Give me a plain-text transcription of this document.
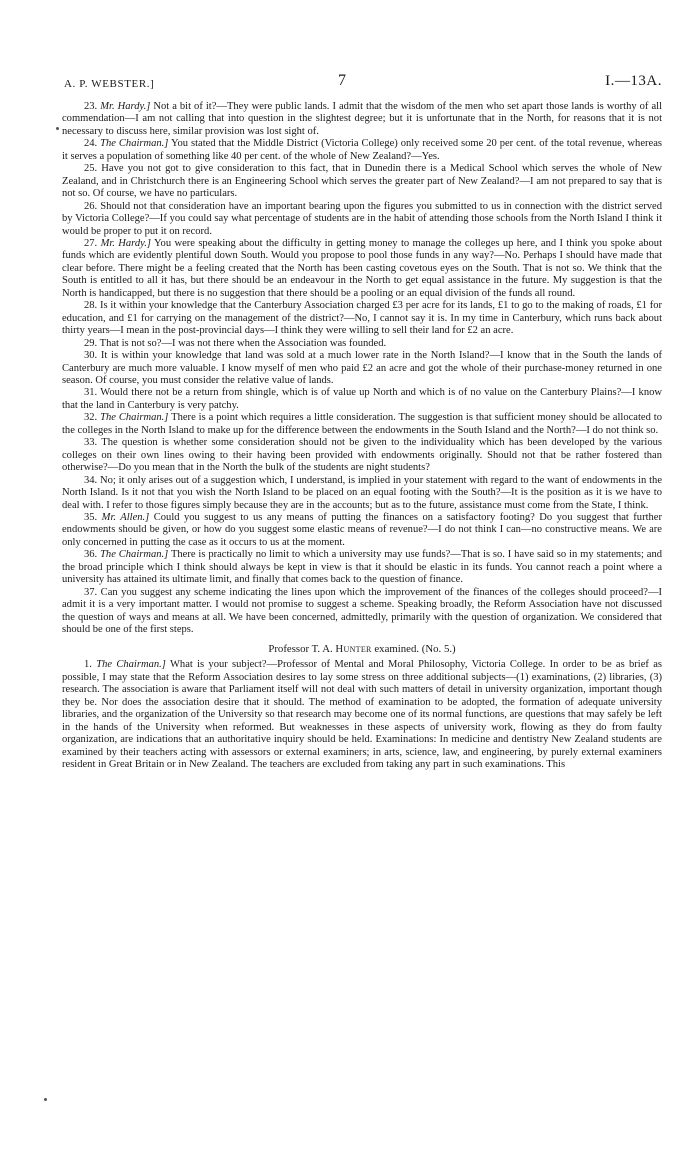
A. P. WEBSTER.]	7	I.—13A.

23. Mr. Hardy.] Not a bit of it?—They were public lands. I admit that the wisdom of the men who set apart those lands is worthy of all commendation—I am not calling that into question in the slightest degree; but it is unfortunate that in the North, for reasons that it is not necessary to discuss here, similar provision was lost sight of.

24. The Chairman.] You stated that the Middle District (Victoria College) only received some 20 per cent. of the total revenue, whereas it serves a population of something like 40 per cent. of the whole of New Zealand?—Yes.

25. Have you not got to give consideration to this fact, that in Dunedin there is a Medical School which serves the whole of New Zealand, and in Christchurch there is an Engineering School which serves the greater part of New Zealand?—I am not prepared to say that is not so. Of course, we have no particulars.

26. Should not that consideration have an important bearing upon the figures you submitted to us in connection with the district served by Victoria College?—If you could say what percentage of students are in the habit of attending those schools from the North Island I think it would be proper to put it on record.

27. Mr. Hardy.] You were speaking about the difficulty in getting money to manage the colleges up here, and I think you spoke about funds which are evidently plentiful down South. Would you propose to pool those funds in any way?—No. Perhaps I should have made that clear before. There might be a feeling created that the North has been casting covetous eyes on the South. That is not so. We think that the South is entitled to all it has, but there should be an endeavour in the North to get equal assistance in the future. My suggestion is that the North is handicapped, but there is no suggestion that there should be a pooling or an equal division of the funds all round.

28. Is it within your knowledge that the Canterbury Association charged £3 per acre for its lands, £1 to go to the making of roads, £1 for education, and £1 for carrying on the management of the district?—No, I cannot say it is. In my time in Canterbury, which runs back about thirty years—I mean in the post-provincial days—I think they were willing to sell their land for £2 an acre.

29. That is not so?—I was not there when the Association was founded.

30. It is within your knowledge that land was sold at a much lower rate in the North Island?—I know that in the South the lands of Canterbury are much more valuable. I know myself of men who paid £2 an acre and got the whole of their purchase-money returned in one season. Of course, you must consider the relative value of lands.

31. Would there not be a return from shingle, which is of value up North and which is of no value on the Canterbury Plains?—I know that the land in Canterbury is very patchy.

32. The Chairman.] There is a point which requires a little consideration. The suggestion is that sufficient money should be allocated to the colleges in the North Island to make up for the difference between the endowments in the South Island and the North?—I do not think so.

33. The question is whether some consideration should not be given to the individuality which has been developed by the various colleges on their own lines owing to their having been provided with endowments originally. Should not that be rather fostered than otherwise?—Do you mean that in the North the bulk of the students are night students?

34. No; it only arises out of a suggestion which, I understand, is implied in your statement with regard to the want of endowments in the North Island. Is it not that you wish the North Island to be placed on an equal footing with the South?—It is the position as it is we have to deal with. I refer to those figures simply because they are in the accounts; but as to the future, assistance must come from the State, I think.

35. Mr. Allen.] Could you suggest to us any means of putting the finances on a satisfactory footing? Do you suggest that further endowments should be given, or how do you suggest some elastic means of revenue?—I do not think I can—no constructive means. We are only concerned in putting the case as it occurs to us at the moment.

36. The Chairman.] There is practically no limit to which a university may use funds?—That is so. I have said so in my statements; and the broad principle which I think should always be kept in view is that it should be elastic in its funds. You cannot reach a point where a university has attained its ultimate limit, and finally that comes back to the question of finance.

37. Can you suggest any scheme indicating the lines upon which the improvement of the finances of the colleges should proceed?—I admit it is a very important matter. I would not promise to suggest a scheme. Speaking broadly, the Reform Association have not discussed the question of ways and means at all. We have been concerned, admittedly, primarily with the question of organization. We considered that should be one of the first steps.

Professor T. A. Hunter examined. (No. 5.)

1. The Chairman.] What is your subject?—Professor of Mental and Moral Philosophy, Victoria College. In order to be as brief as possible, I may state that the Reform Association desires to lay some stress on three additional subjects—(1) examinations, (2) libraries, (3) research. The association is aware that Parliament itself will not deal with such matters of detail in university organization, important though they be. Nor does the association desire that it should. The method of examination to be adopted, the formation of adequate university libraries, and the organization of the University so that research may become one of its normal functions, are questions that may safely be left in the hands of the University when reformed. But weaknesses in these aspects of university work, flowing as they do from faulty organization, are indications that an authoritative inquiry should be held. Examinations: In medicine and dentistry New Zealand students are examined by their teachers acting with assessors or external examiners; in arts, science, law, and engineering, by purely external examiners resident in Great Britain or in New Zealand. The teachers are excluded from taking any part in such examinations. This
